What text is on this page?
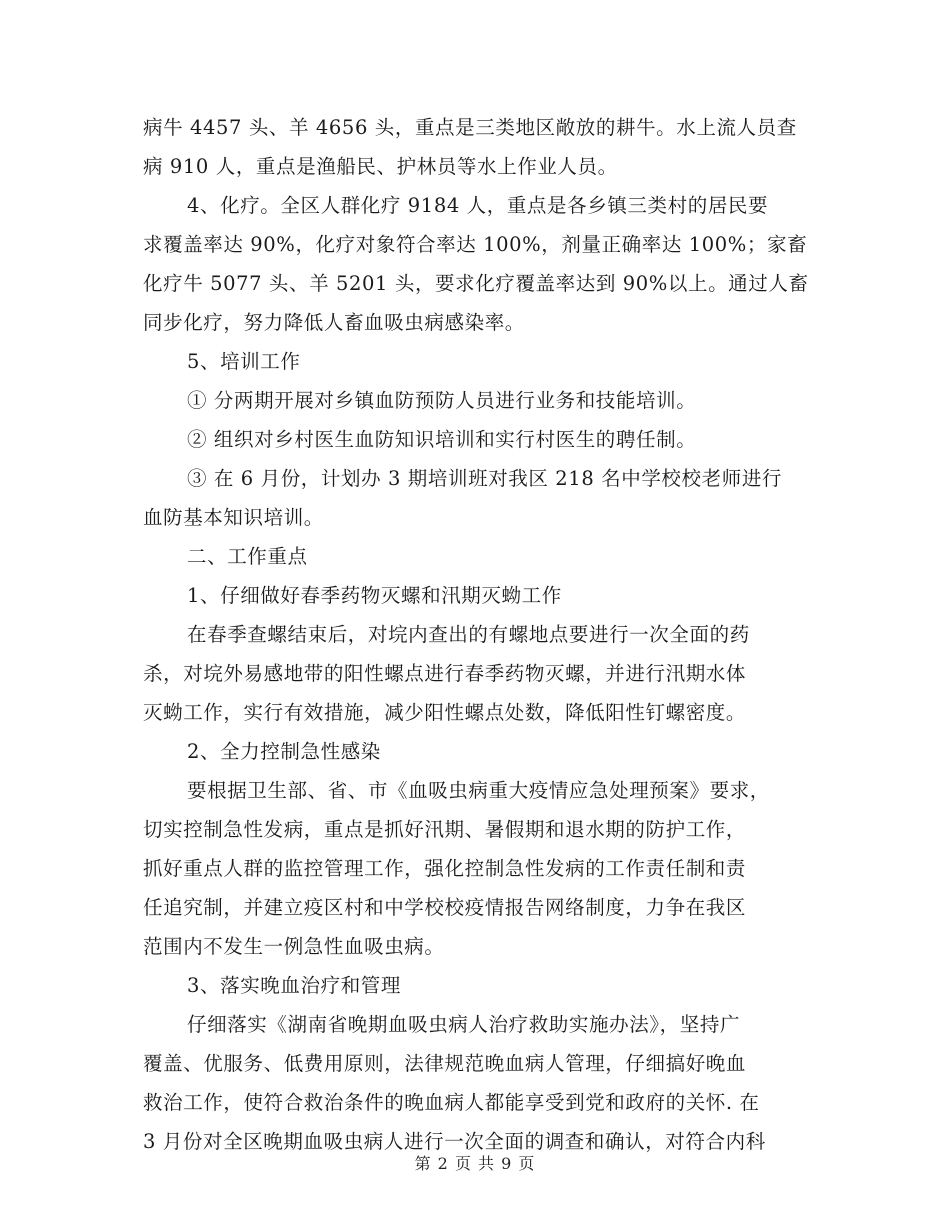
病牛 4457 头、羊 4656 头，重点是三类地区敞放的耕牛。水上流人员查
病 910 人，重点是渔船民、护林员等水上作业人员。
4、化疗。全区人群化疗 9184 人，重点是各乡镇三类村的居民要
求覆盖率达 90%，化疗对象符合率达 100%，剂量正确率达 100%；家畜
化疗牛 5077 头、羊 5201 头，要求化疗覆盖率达到 90%以上。通过人畜
同步化疗，努力降低人畜血吸虫病感染率。
5、培训工作
① 分两期开展对乡镇血防预防人员进行业务和技能培训。
② 组织对乡村医生血防知识培训和实行村医生的聘任制。
③ 在 6 月份，计划办 3 期培训班对我区 218 名中学校校老师进行
血防基本知识培训。
二、工作重点
1、仔细做好春季药物灭螺和汛期灭蚴工作
在春季查螺结束后，对垸内查出的有螺地点要进行一次全面的药
杀，对垸外易感地带的阳性螺点进行春季药物灭螺，并进行汛期水体
灭蚴工作，实行有效措施，减少阳性螺点处数，降低阳性钉螺密度。
2、全力控制急性感染
要根据卫生部、省、市《血吸虫病重大疫情应急处理预案》要求，
切实控制急性发病，重点是抓好汛期、暑假期和退水期的防护工作，
抓好重点人群的监控管理工作，强化控制急性发病的工作责任制和责
任追究制，并建立疫区村和中学校校疫情报告网络制度，力争在我区
范围内不发生一例急性血吸虫病。
3、落实晚血治疗和管理
仔细落实《湖南省晚期血吸虫病人治疗救助实施办法》，坚持广
覆盖、优服务、低费用原则，法律规范晚血病人管理，仔细搞好晚血
救治工作，使符合救治条件的晚血病人都能享受到党和政府的关怀. 在
3 月份对全区晚期血吸虫病人进行一次全面的调查和确认，对符合内科
第 2 页 共 9 页
